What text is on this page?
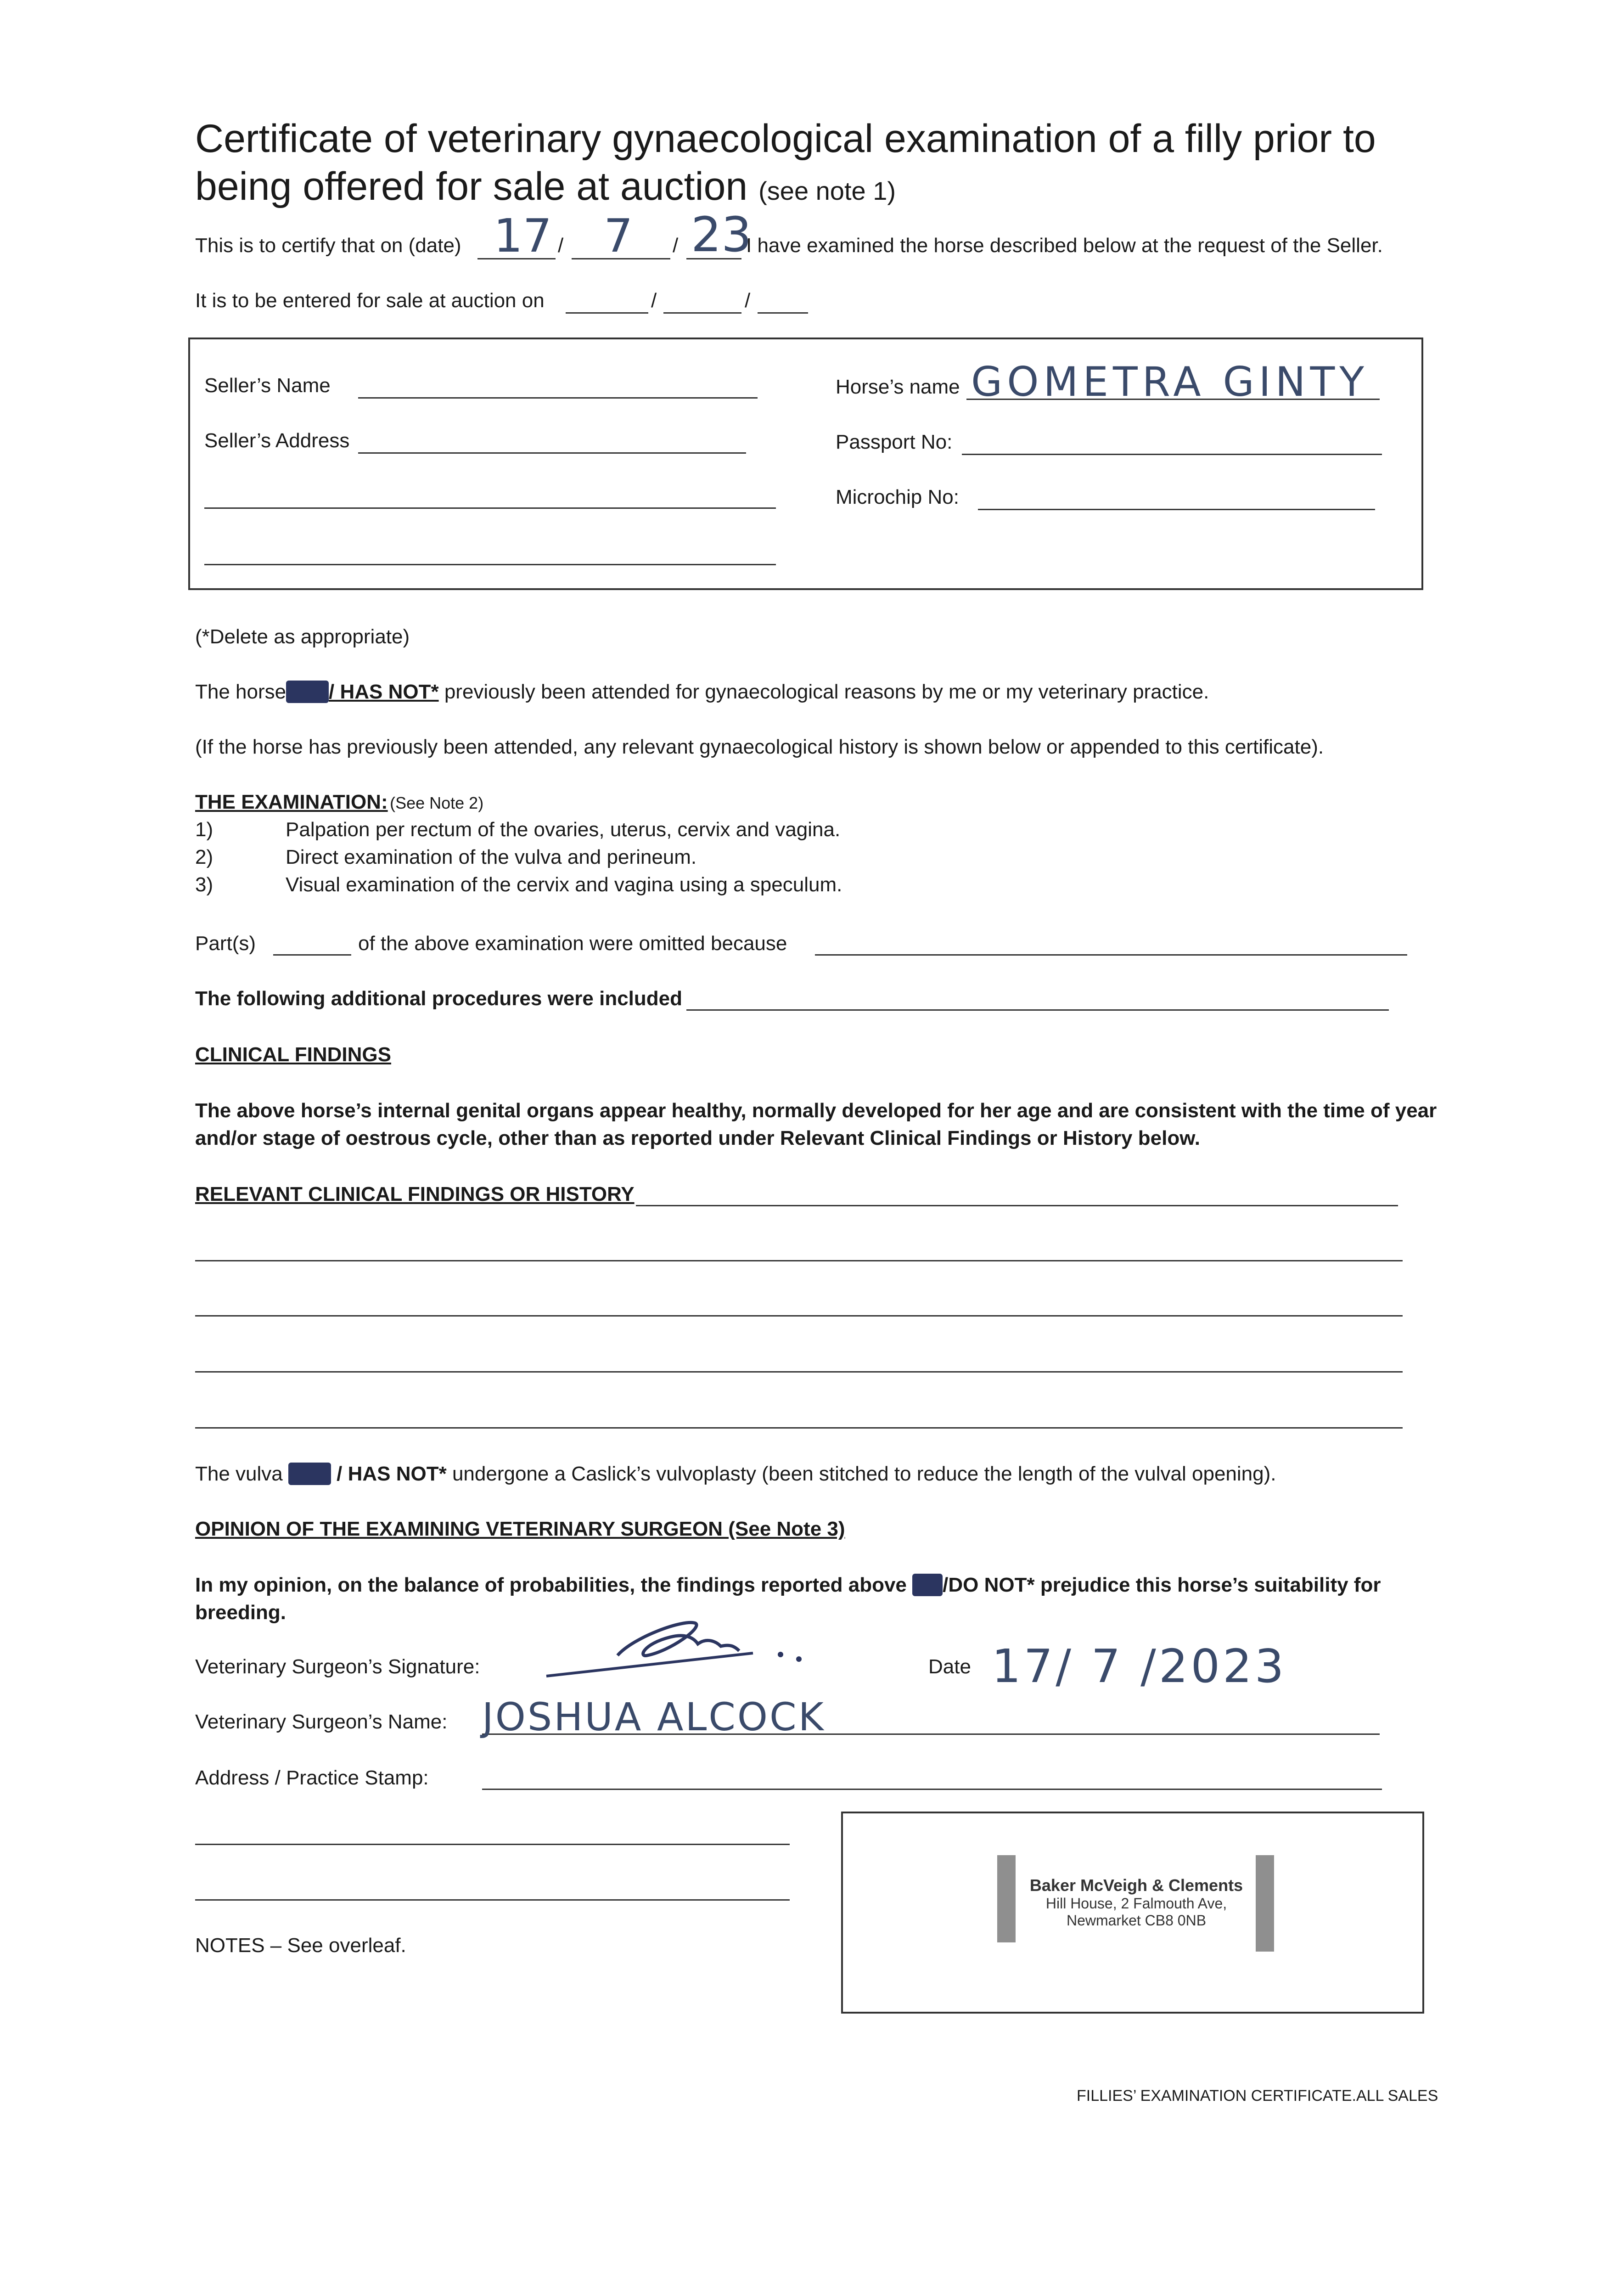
Certificate of veterinary gynaecological examination of a filly prior to
being offered for sale at auction (see note 1)
This is to certify that on (date) 17 / 7 / 23
I have examined the horse described below at the request of the Seller.
It is to be entered for sale at auction on	/	/
Seller’s Name
Seller’s Address
Horse’s name GOMETRA GINTY
Passport No:
Microchip No:
(*Delete as appropriate)
The horseHAS/ HAS NOT* previously been attended for gynaecological reasons by me or my veterinary practice.
(If the horse has previously been attended, any relevant gynaecological history is shown below or appended to this certificate).
THE EXAMINATION: (See Note 2)
1)	Palpation per rectum of the ovaries, uterus, cervix and vagina.
2)	Direct examination of the vulva and perineum.
3)	Visual examination of the cervix and vagina using a speculum.
Part(s)	of the above examination were omitted because
The following additional procedures were included
CLINICAL FINDINGS
The above horse’s internal genital organs appear healthy, normally developed for her age and are consistent with the time of year
and/or stage of oestrous cycle, other than as reported under Relevant Clinical Findings or History below.
RELEVANT CLINICAL FINDINGS OR HISTORY
The vulva HAS / HAS NOT* undergone a Caslick’s vulvoplasty (been stitched to reduce the length of the vulval opening).
OPINION OF THE EXAMINING VETERINARY SURGEON (See Note 3)
In my opinion, on the balance of probabilities, the findings reported above DO/DO NOT* prejudice this horse’s suitability for
breeding.
Veterinary Surgeon’s Signature:	Date 17/ 7 /2023
Veterinary Surgeon’s Name: JOSHUA ALCOCK
Address / Practice Stamp:
Baker McVeigh & Clements
Hill House, 2 Falmouth Ave,
Newmarket CB8 0NB
NOTES – See overleaf.
FILLIES’ EXAMINATION CERTIFICATE.ALL SALES
